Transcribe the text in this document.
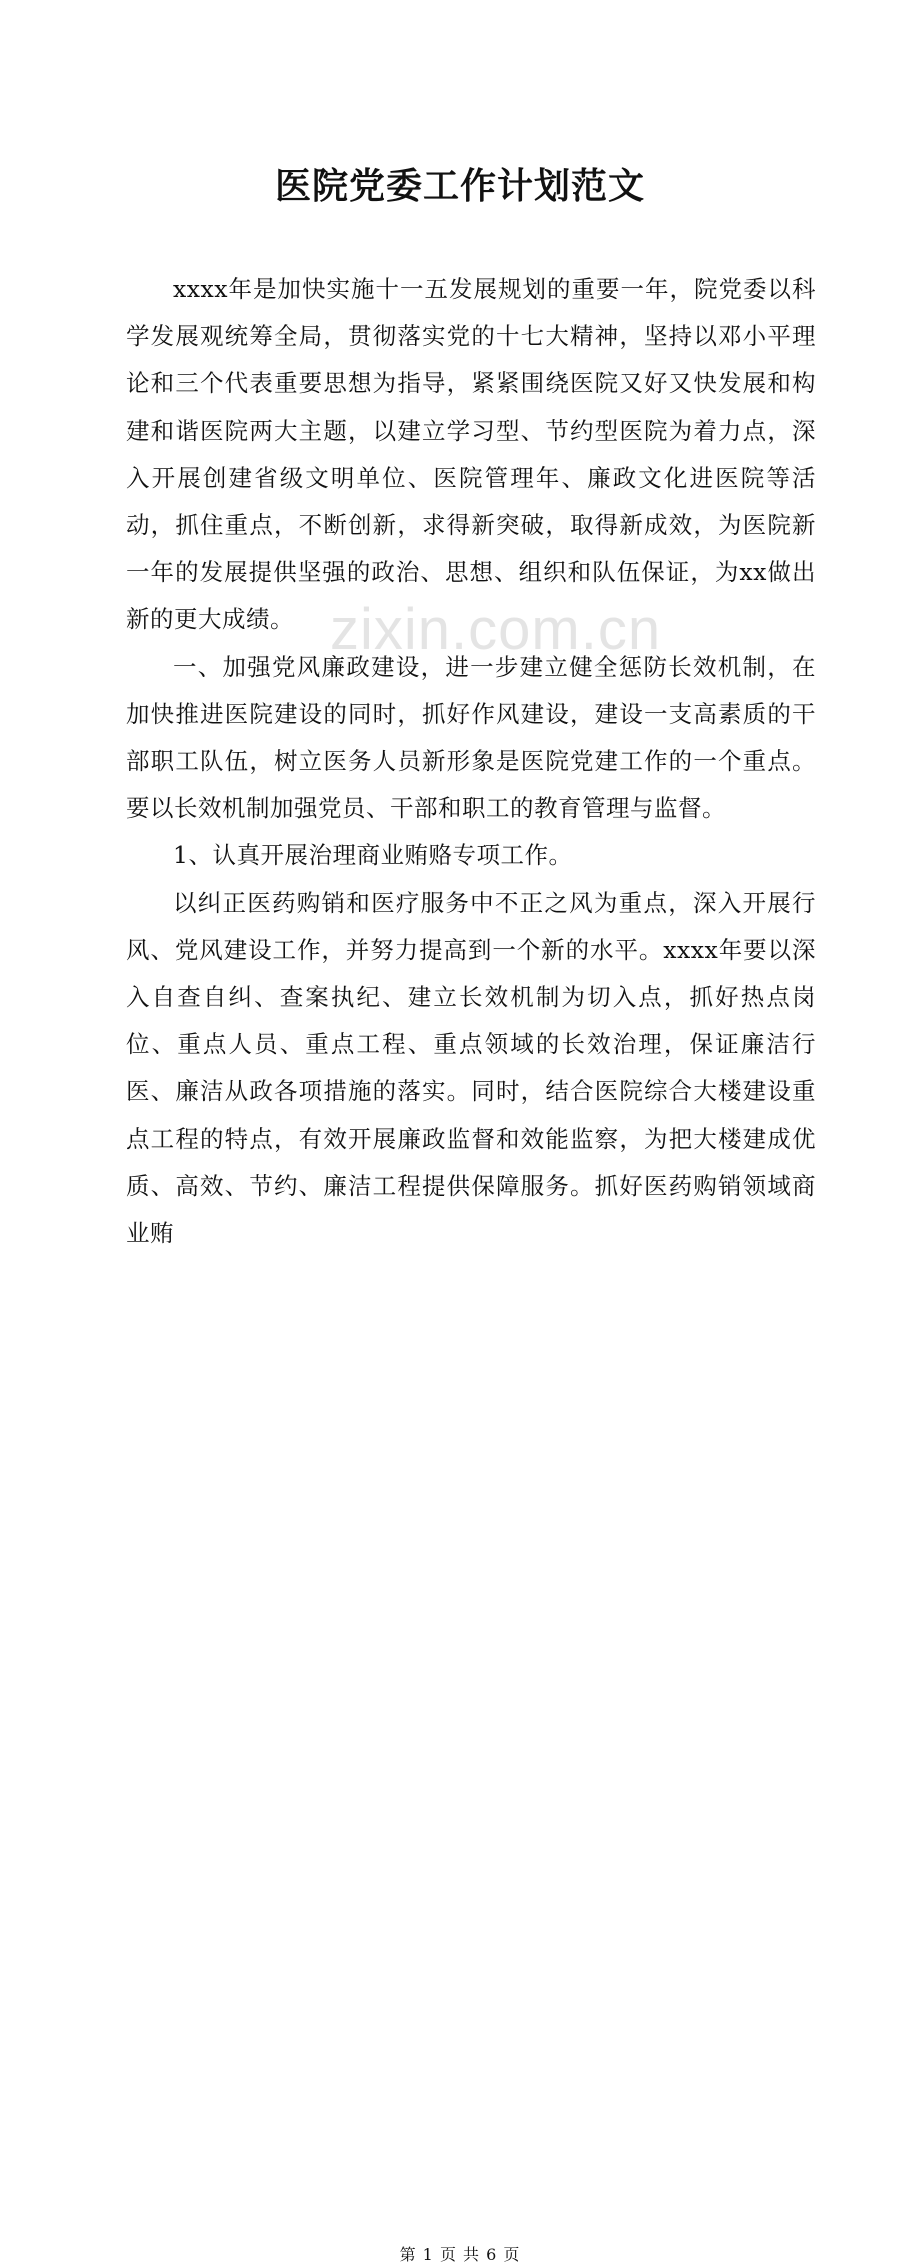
zixin.com.cn
医院党委工作计划范文

xxxx年是加快实施十一五发展规划的重要一年，院党委以科学发展观统筹全局，贯彻落实党的十七大精神，坚持以邓小平理论和三个代表重要思想为指导，紧紧围绕医院又好又快发展和构建和谐医院两大主题，以建立学习型、节约型医院为着力点，深入开展创建省级文明单位、医院管理年、廉政文化进医院等活动，抓住重点，不断创新，求得新突破，取得新成效，为医院新一年的发展提供坚强的政治、思想、组织和队伍保证，为xx做出新的更大成绩。

一、加强党风廉政建设，进一步建立健全惩防长效机制，在加快推进医院建设的同时，抓好作风建设，建设一支高素质的干部职工队伍，树立医务人员新形象是医院党建工作的一个重点。要以长效机制加强党员、干部和职工的教育管理与监督。

1、认真开展治理商业贿赂专项工作。

以纠正医药购销和医疗服务中不正之风为重点，深入开展行风、党风建设工作，并努力提高到一个新的水平。xxxx年要以深入自查自纠、查案执纪、建立长效机制为切入点，抓好热点岗位、重点人员、重点工程、重点领域的长效治理，保证廉洁行医、廉洁从政各项措施的落实。同时，结合医院综合大楼建设重点工程的特点，有效开展廉政监督和效能监察，为把大楼建成优质、高效、节约、廉洁工程提供保障服务。抓好医药购销领域商业贿

第 1 页 共 6 页
